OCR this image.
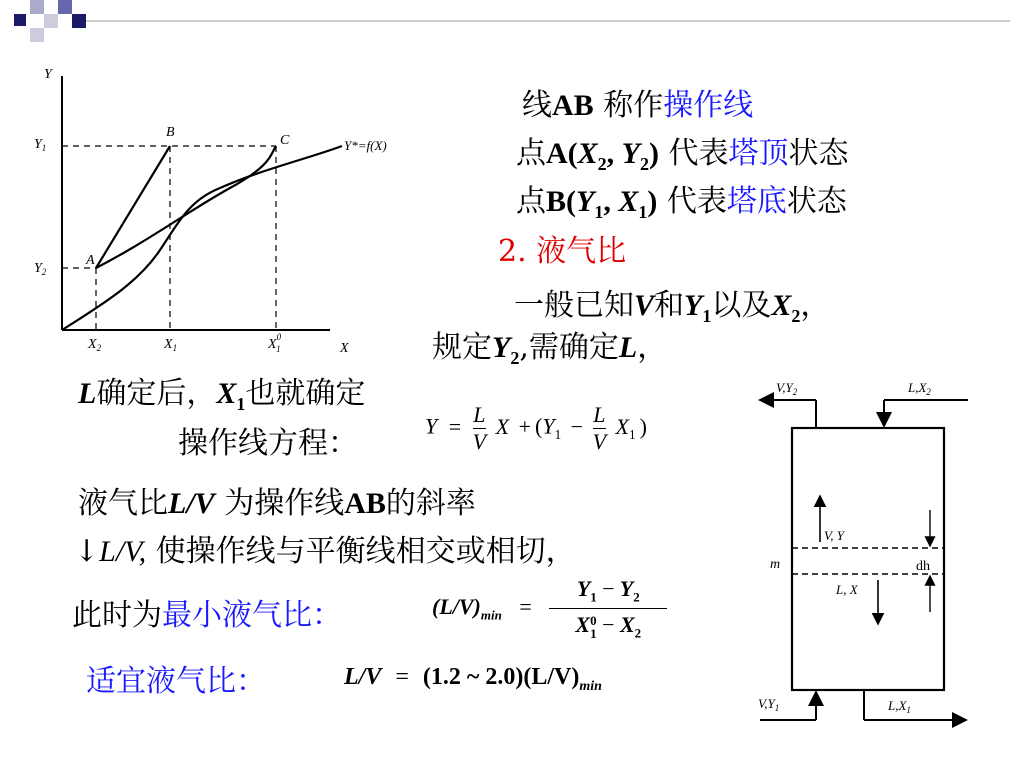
Y
X
$Y_1$
$Y_2$
$X_2$	$X_1$	$X^0$ 1
A
B
C	Y*=f(X)
线AB 称作操作线
点$A(X_2$, $Y_2$) 代表塔顶状态
点$B(Y_1$, $X_1$) 代表塔底状态
2. 液气比
一般已知V和$Y_1$以及$X_2$，
规定$Y_2$,需确定L，
L确定后，$X_1$也就确定
操作线方程：	$Y = \frac{L}{V}$ $X + (Y_1 - \frac{L}{V} X_1$ )
液气比L/V 为操作线AB的斜率
↓L/V, 使操作线与平衡线相交或相切，
此时为最小液气比：	$(L/V)_{min} = Y_1 - Y_2$
X 0
$1 - X_2$
适宜液气比：	L/V = (1.2 ~ $2.0)(L/V)_{min}$
$V,Y_2$	$L,X_2$
m
V, Y
L, X
dh
$V,Y_1$	$L,X_1$
